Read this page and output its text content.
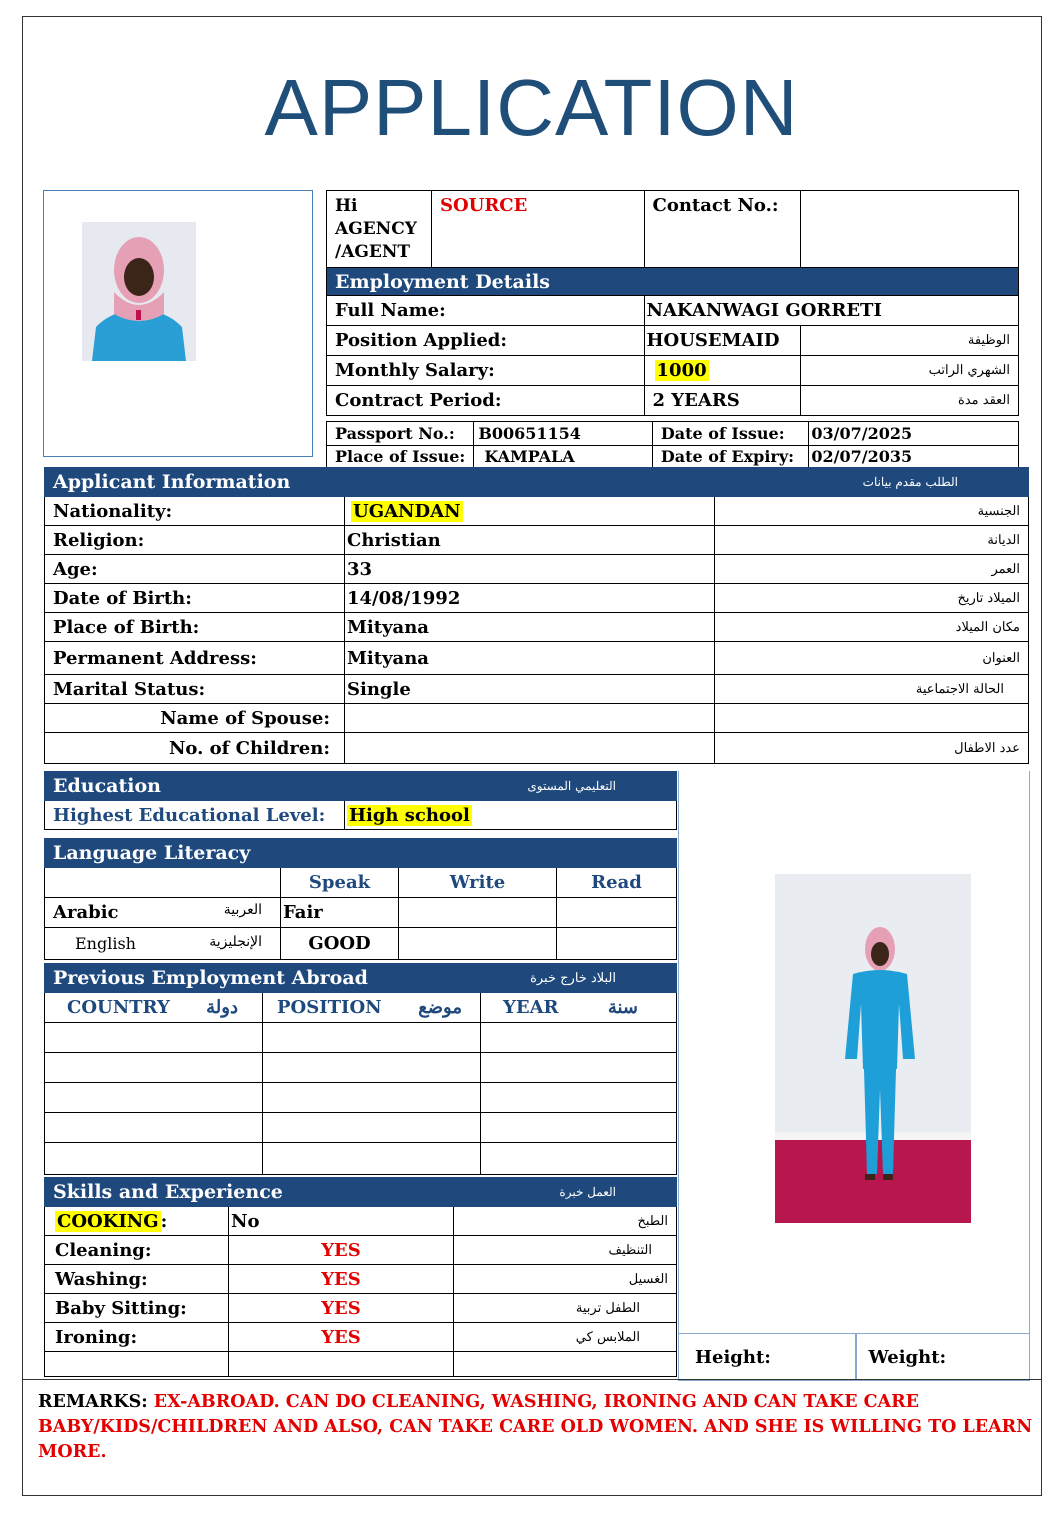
APPLICATION
Hi
AGENCY
/AGENT	SOURCE	Contact No.:	
Employment Details			
Full Name:		NAKANWAGI GORRETI	
Position Applied:		HOUSEMAID	الوظيفة
Monthly Salary:		1000	الشهري الراتب
Contract Period:		2 YEARS	العقد مدة
Passport No.:	B00651154	Date of Issue:	03/07/2025
Place of Issue:	KAMPALA	Date of Expiry:	02/07/2035
Applicant Information		الطلب مقدم بيانات
Nationality:	UGANDAN	الجنسية
Religion:	Christian	الديانة
Age:	33	العمر
Date of Birth:	14/08/1992	الميلاد تاريخ
Place of Birth:	Mityana	مكان الميلاد
Permanent Address:	Mityana	العنوان
Marital Status:	Single	الحالة الاجتماعية
Name of Spouse:		
No. of Children:		عدد الاطفال
Education	التعليمي المستوى
Highest Educational Level:	High school
Language Literacy			
	Speak	Write	Read
Arabic العربية	Fair		
English الإنجليزية	GOOD		
Previous Employment Abroad		البلاد خارج خبرة
COUNTRY دولة	POSITION موضع	YEAR سنة

Skills and Experience		العمل خبرة
COOKING :	No	الطبخ
Cleaning:	YES	التنظيف
Washing:	YES	الغسيل
Baby Sitting:	YES	الطفل تربية
Ironing:	YES	الملابس كي

Height:	Weight:
REMARKS: EX-ABROAD. CAN DO CLEANING, WASHING, IRONING AND CAN TAKE CARE
BABY/KIDS/CHILDREN AND ALSO, CAN TAKE CARE OLD WOMEN. AND SHE IS WILLING TO LEARN MORE.
